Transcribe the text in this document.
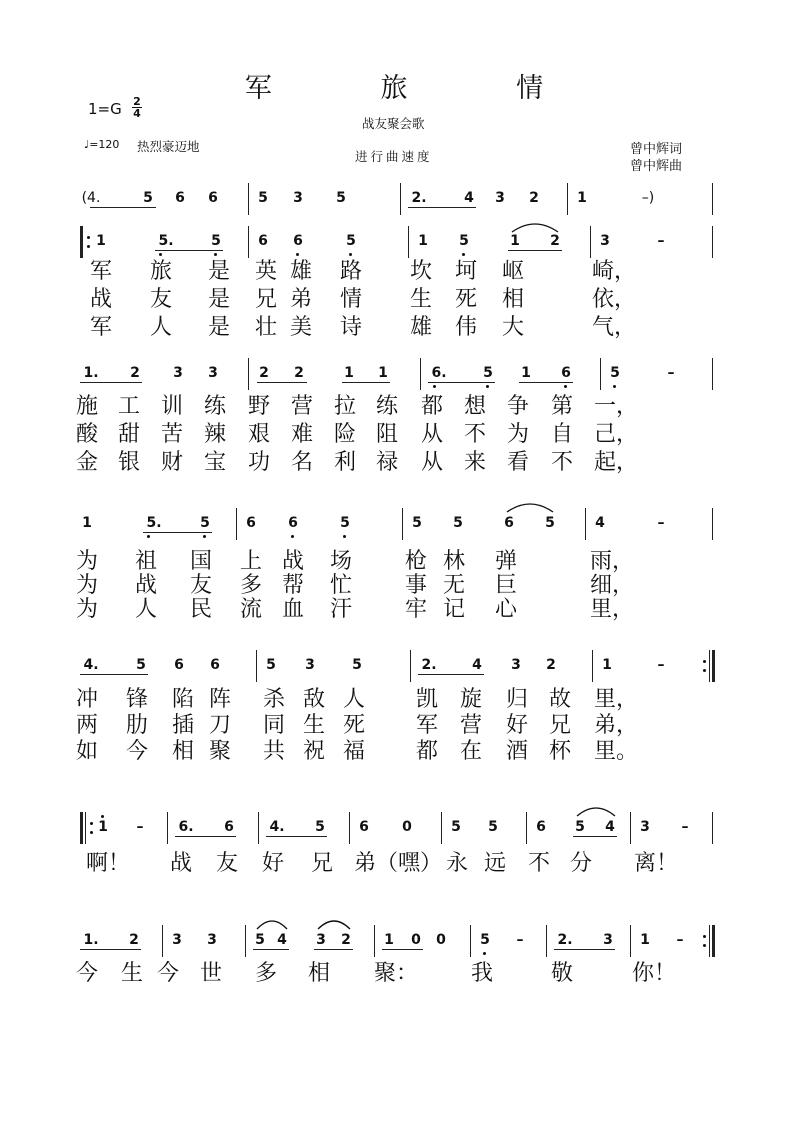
军 旅 情
$1=G \frac{2}{4}$
战友聚会歌
♩=120 热烈豪迈地
进行曲速度	曾中辉词
曾中辉曲
(4.	5 6 6	5 3 5	2.	4 3 2	1	–)
1	5.	5	6 6	5	1 5	1 2	3	–
军 旅 是 英 雄 路 坎 坷 岖	崎，
战 友 是 兄 弟 情 生 死 相	依，
军 人 是 壮 美 诗 雄 伟 大	气，
1. 2 3 3	2 2	1 1	6.	5 1 6	5	–
施 工 训 练 野 营 拉 练 都 想 争 第 一，
酸 甜 苦 辣 艰 难 险 阻 从 不 为 自 己，
金 银 财 宝 功 名 利 禄 从 来 看 不 起，
1	5.	5	6 6	5	5 5	6 5	4	–
为 祖 国 上 战 场 枪 林 弹	雨，
为 战 友 多 帮 忙 事 无 巨	细，
为 人 民 流 血 汗 牢 记 心	里，
4.	5 6 6	5 3	5	2.	4 3 2	1	–
冲 锋 陷 阵 杀 敌 人 凯 旋 归 故 里，
两 肋 插 刀 同 生 死 军 营 好 兄 弟，
如 今 相 聚 共 祝 福 都 在 酒 杯 里。
1 – 6. 6	4. 5 6 0	5 5	6 5 4 3 –
啊！ 战 友 好 兄 弟（嘿） 永 远 不 分 离！
1. 2 3 3	5 4 3 2 1 0 0 5 – 2. 3 1 –
今 生 今 世 多 相 聚： 我	敬	你！
